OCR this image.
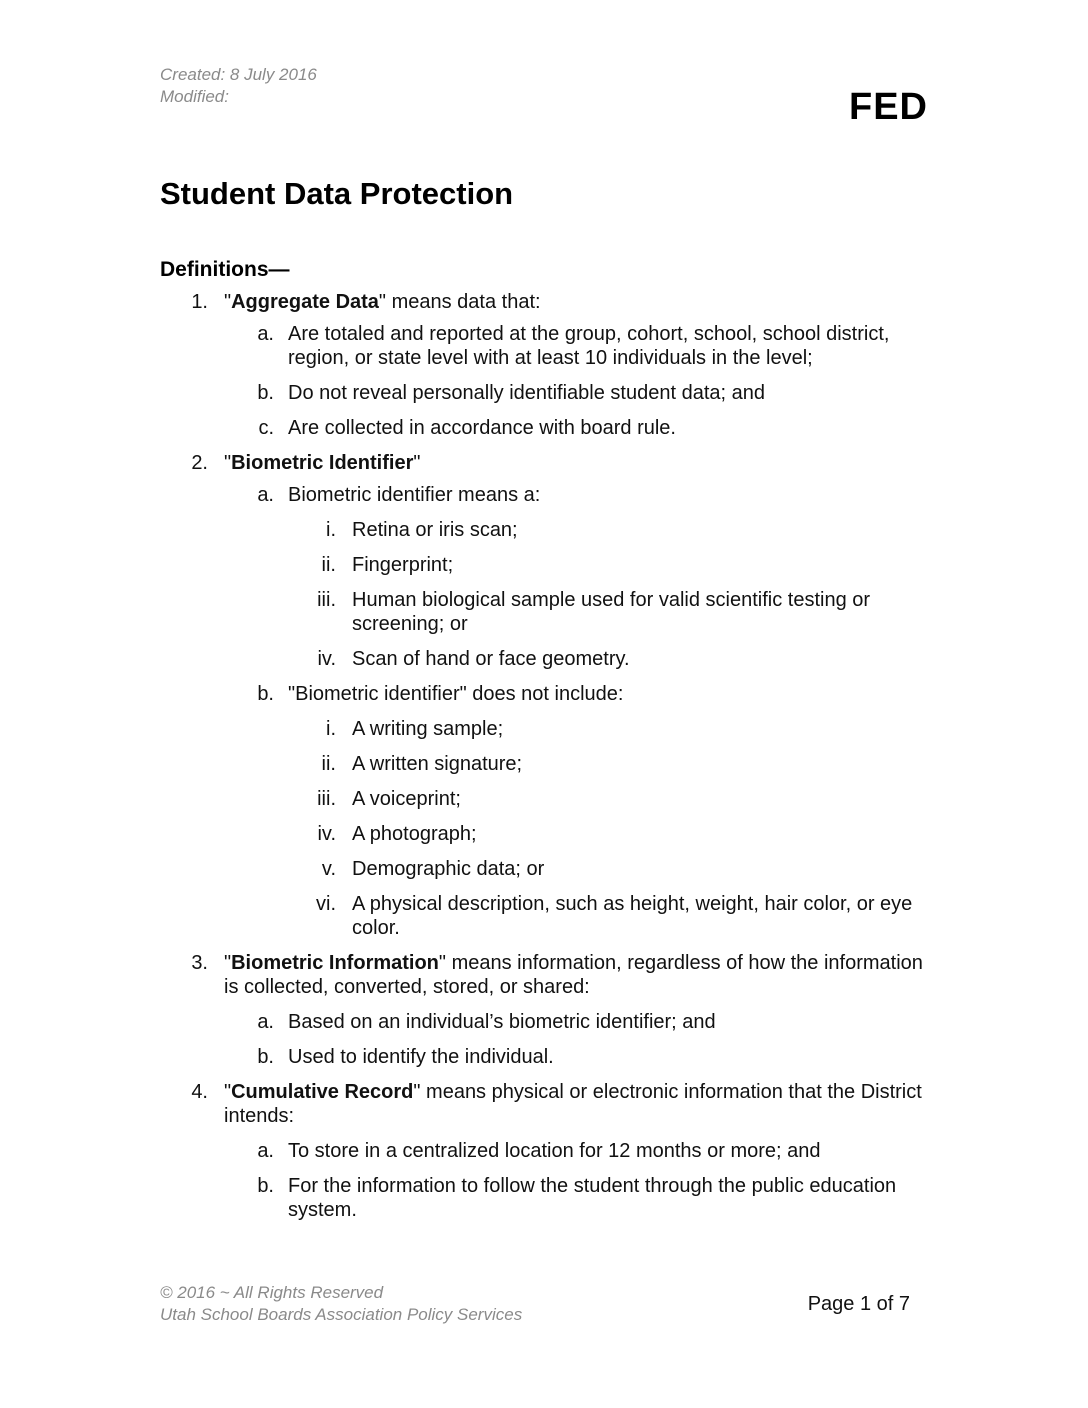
Created: 8 July 2016
Modified:	FED
Student Data Protection
Definitions—
1. "Aggregate Data" means data that:
a. Are totaled and reported at the group, cohort, school, school district, region, or state level with at least 10 individuals in the level;
b. Do not reveal personally identifiable student data; and
c. Are collected in accordance with board rule.
2. "Biometric Identifier"
a. Biometric identifier means a:
i. Retina or iris scan;
ii. Fingerprint;
iii. Human biological sample used for valid scientific testing or screening; or
iv. Scan of hand or face geometry.
b. "Biometric identifier" does not include:
i. A writing sample;
ii. A written signature;
iii. A voiceprint;
iv. A photograph;
v. Demographic data; or
vi. A physical description, such as height, weight, hair color, or eye color.
3. "Biometric Information" means information, regardless of how the information is collected, converted, stored, or shared:
a. Based on an individual’s biometric identifier; and
b. Used to identify the individual.
4. "Cumulative Record" means physical or electronic information that the District intends:
a. To store in a centralized location for 12 months or more; and
b. For the information to follow the student through the public education system.
© 2016 ~ All Rights Reserved
Utah School Boards Association Policy Services	Page 1 of 7
